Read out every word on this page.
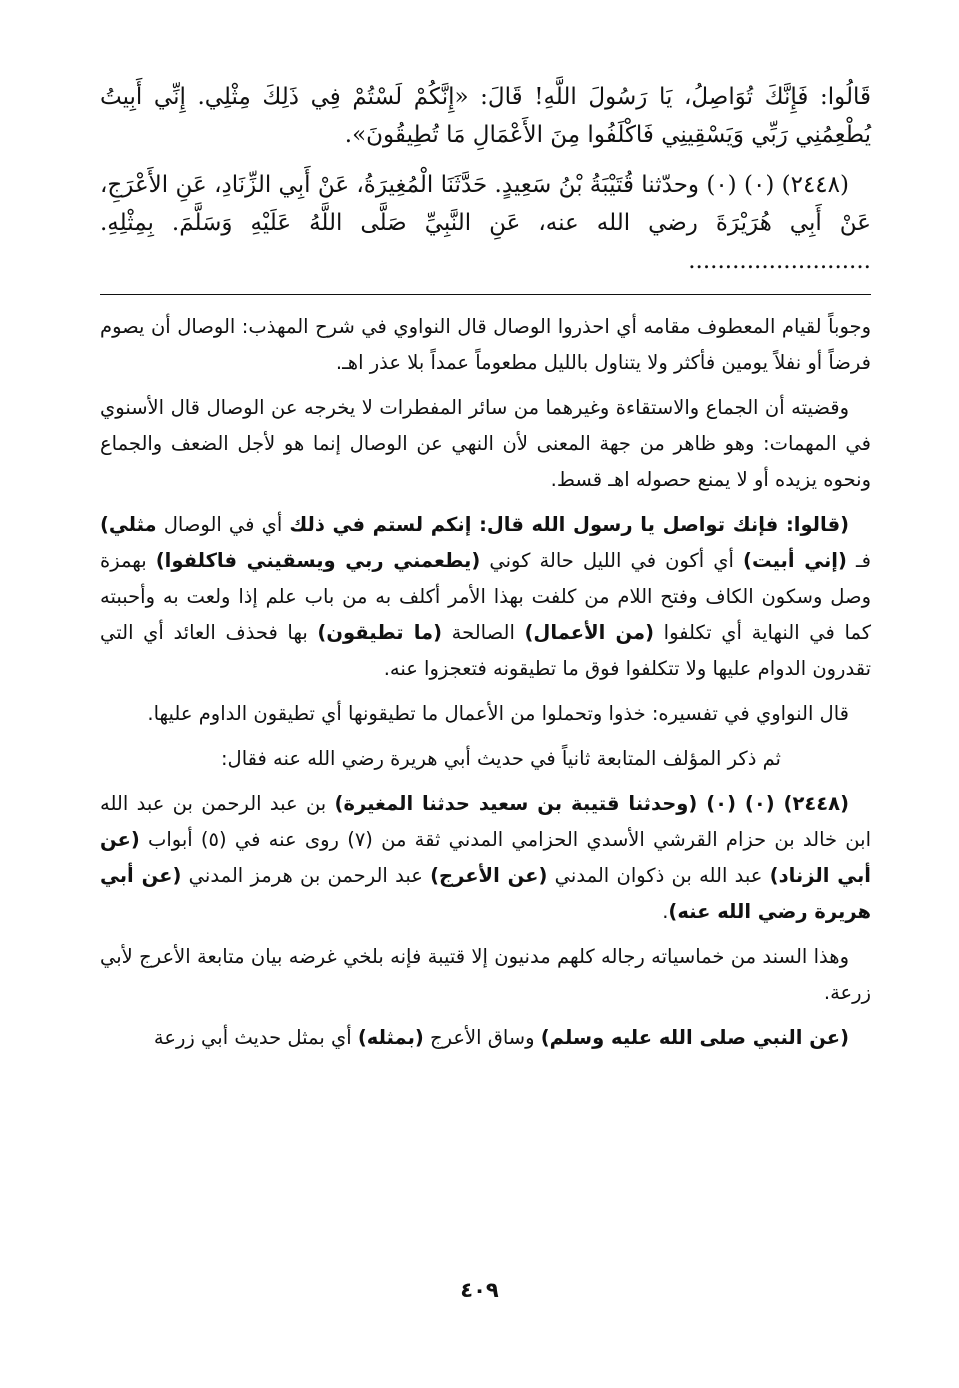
قَالُوا: فَإِنَّكَ تُوَاصِلُ، يَا رَسُولَ اللَّهِ! قَالَ: «إِنَّكُمْ لَسْتُمْ فِي ذَلِكَ مِثْلِي. إِنِّي أَبِيتُ يُطْعِمُنِي رَبِّي وَيَسْقِينِي فَاكْلَفُوا مِنَ الأَعْمَالِ مَا تُطِيقُونَ».

(٢٤٤٨) (٠) (٠) وحدّثنا قُتَيْبَةُ بْنُ سَعِيدٍ. حَدَّثَنَا الْمُغِيرَةُ، عَنْ أَبِي الزِّنَادِ، عَنِ الأَعْرَجِ، عَنْ أَبِي هُرَيْرَةَ رضي الله عنه، عَنِ النَّبِيِّ صَلَّى اللَّهُ عَلَيْهِ وَسَلَّمَ. بِمِثْلِهِ. .........................

وجوباً لقيام المعطوف مقامه أي احذروا الوصال قال النواوي في شرح المهذب: الوصال أن يصوم فرضاً أو نفلاً يومين فأكثر ولا يتناول بالليل مطعوماً عمداً بلا عذر اهـ.

وقضيته أن الجماع والاستقاءة وغيرهما من سائر المفطرات لا يخرجه عن الوصال قال الأسنوي في المهمات: وهو ظاهر من جهة المعنى لأن النهي عن الوصال إنما هو لأجل الضعف والجماع ونحوه يزيده أو لا يمنع حصوله اهـ قسط.

(قالوا: فإنك تواصل يا رسول الله قال: إنكم لستم في ذلك أي في الوصال مثلي) فـ (إني أبيت) أي أكون في الليل حالة كوني (يطعمني ربي ويسقيني فاكلفوا) بهمزة وصل وسكون الكاف وفتح اللام من كلفت بهذا الأمر أكلف به من باب علم إذا ولعت به وأحببته كما في النهاية أي تكلفوا (من الأعمال) الصالحة (ما تطيقون) بها فحذف العائد أي التي تقدرون الدوام عليها ولا تتكلفوا فوق ما تطيقونه فتعجزوا عنه.

قال النواوي في تفسيره: خذوا وتحملوا من الأعمال ما تطيقونها أي تطيقون الداوم عليها.

ثم ذكر المؤلف المتابعة ثانياً في حديث أبي هريرة رضي الله عنه فقال:

(٢٤٤٨) (٠) (٠) (وحدثنا قتيبة بن سعيد حدثنا المغيرة) بن عبد الرحمن بن عبد الله ابن خالد بن حزام القرشي الأسدي الحزامي المدني ثقة من (٧) روى عنه في (٥) أبواب (عن أبي الزناد) عبد الله بن ذكوان المدني (عن الأعرج) عبد الرحمن بن هرمز المدني (عن أبي هريرة رضي الله عنه).

وهذا السند من خماسياته رجاله كلهم مدنيون إلا قتيبة فإنه بلخي غرضه بيان متابعة الأعرج لأبي زرعة.

(عن النبي صلى الله عليه وسلم) وساق الأعرج (بمثله) أي بمثل حديث أبي زرعة

٤٠٩
